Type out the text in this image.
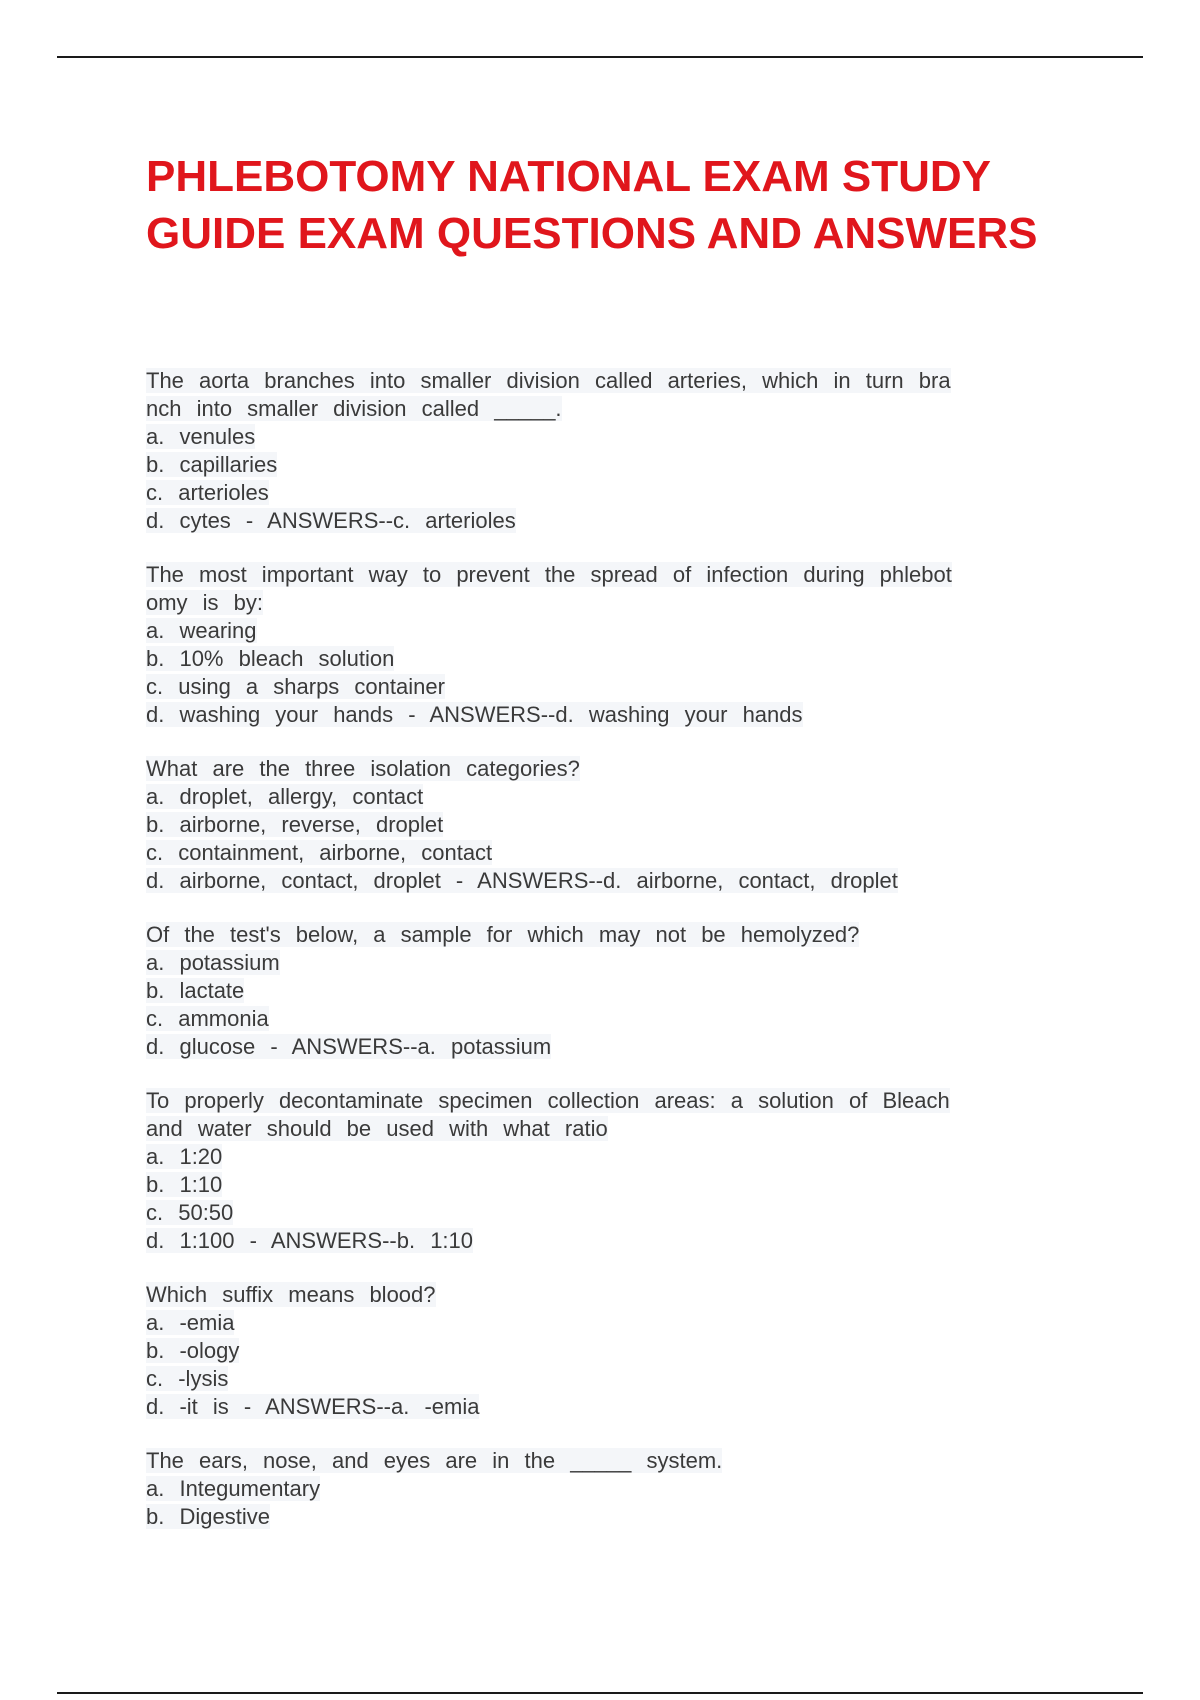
PHLEBOTOMY NATIONAL EXAM STUDY GUIDE EXAM QUESTIONS AND ANSWERS
The aorta branches into smaller division called arteries, which in turn bra
nch into smaller division called _____.
a. venules
b. capillaries
c. arterioles
d. cytes - ANSWERS--c. arterioles
The most important way to prevent the spread of infection during phlebot
omy is by:
a. wearing
b. 10% bleach solution
c. using a sharps container
d. washing your hands - ANSWERS--d. washing your hands
What are the three isolation categories?
a. droplet, allergy, contact
b. airborne, reverse, droplet
c. containment, airborne, contact
d. airborne, contact, droplet - ANSWERS--d. airborne, contact, droplet
Of the test's below, a sample for which may not be hemolyzed?
a. potassium
b. lactate
c. ammonia
d. glucose - ANSWERS--a. potassium
To properly decontaminate specimen collection areas: a solution of Bleach
and water should be used with what ratio
a. 1:20
b. 1:10
c. 50:50
d. 1:100 - ANSWERS--b. 1:10
Which suffix means blood?
a. -emia
b. -ology
c. -lysis
d. -it is - ANSWERS--a. -emia
The ears, nose, and eyes are in the _____ system.
a. Integumentary
b. Digestive
